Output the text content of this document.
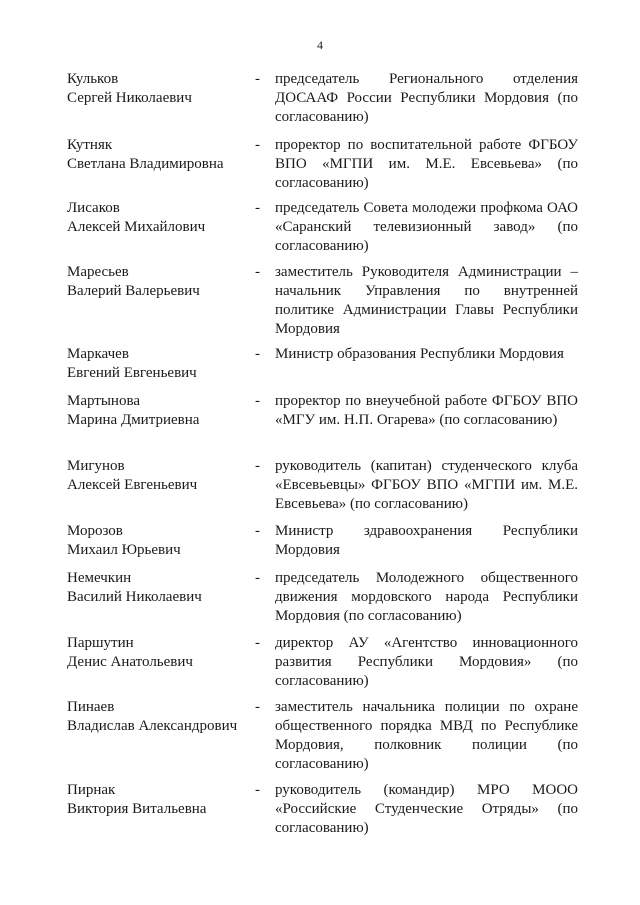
4
Кульков
Сергей Николаевич
- председатель Регионального отделения ДОСААФ России Республики Мордовия (по согласованию)
Кутняк
Светлана Владимировна
- проректор по воспитательной работе ФГБОУ ВПО «МГПИ им. М.Е. Евсевьева» (по согласованию)
Лисаков
Алексей Михайлович
- председатель Совета молодежи профкома ОАО «Саранский телевизионный завод» (по согласованию)
Маресьев
Валерий Валерьевич
- заместитель Руководителя Администрации – начальник Управления по внутренней политике Администрации Главы Республики Мордовия
Маркачев
Евгений Евгеньевич
- Министр образования Республики Мордовия
Мартынова
Марина Дмитриевна
- проректор по внеучебной работе ФГБОУ ВПО «МГУ им. Н.П. Огарева» (по согласованию)
Мигунов
Алексей Евгеньевич
- руководитель (капитан) студенческого клуба «Евсевьевцы» ФГБОУ ВПО «МГПИ им. М.Е. Евсевьева» (по согласованию)
Морозов
Михаил Юрьевич
- Министр здравоохранения Республики Мордовия
Немечкин
Василий Николаевич
- председатель Молодежного общественного движения мордовского народа Республики Мордовия (по согласованию)
Паршутин
Денис Анатольевич
- директор АУ «Агентство инновационного развития Республики Мордовия» (по согласованию)
Пинаев
Владислав Александрович
- заместитель начальника полиции по охране общественного порядка МВД по Республике Мордовия, полковник полиции (по согласованию)
Пирнак
Виктория Витальевна
- руководитель (командир) МРО МООО «Российские Студенческие Отряды» (по согласованию)
